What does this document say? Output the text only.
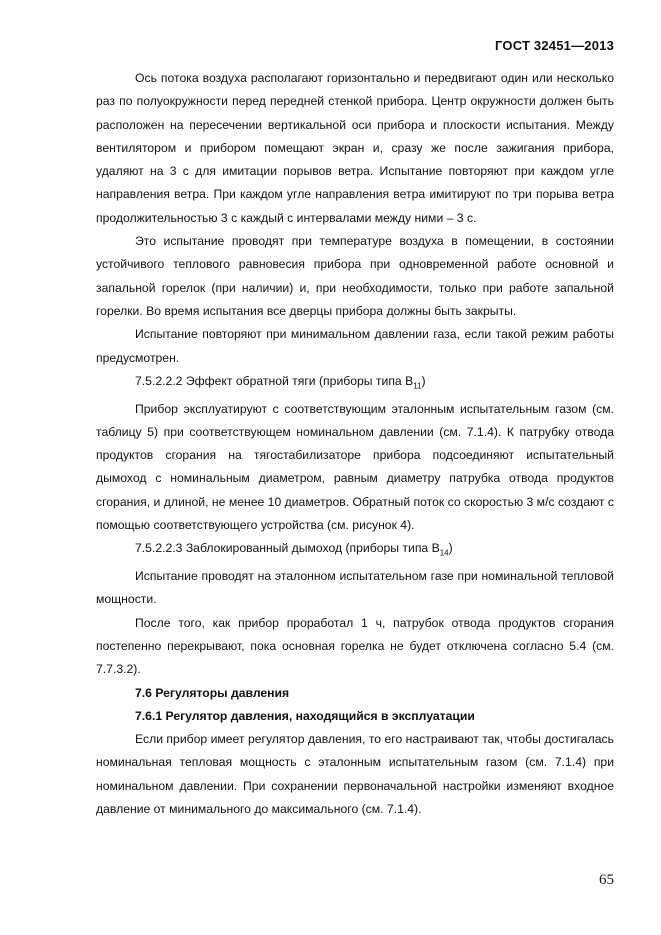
ГОСТ 32451—2013

Ось потока воздуха располагают горизонтально и передвигают один или несколько раз по полуокружности перед передней стенкой прибора. Центр окружности должен быть расположен на пересечении вертикальной оси прибора и плоскости испытания. Между вентилятором и прибором помещают экран и, сразу же после зажигания прибора, удаляют на 3 с для имитации порывов ветра. Испытание повторяют при каждом угле направления ветра. При каждом угле направления ветра имитируют по три порыва ветра продолжительностью 3 с каждый с интервалами между ними – 3 с.

Это испытание проводят при температуре воздуха в помещении, в состоянии устойчивого теплового равновесия прибора при одновременной работе основной и запальной горелок (при наличии) и, при необходимости, только при работе запальной горелки. Во время испытания все дверцы прибора должны быть закрыты.

Испытание повторяют при минимальном давлении газа, если такой режим работы предусмотрен.

7.5.2.2.2 Эффект обратной тяги (приборы типа $B_{11}$)

Прибор эксплуатируют с соответствующим эталонным испытательным газом (см. таблицу 5) при соответствующем номинальном давлении (см. 7.1.4). К патрубку отвода продуктов сгорания на тягостабилизаторе прибора подсоединяют испытательный дымоход с номинальным диаметром, равным диаметру патрубка отвода продуктов сгорания, и длиной, не менее 10 диаметров. Обратный поток со скоростью 3 м/с создают с помощью соответствующего устройства (см. рисунок 4).

7.5.2.2.3 Заблокированный дымоход (приборы типа $B_{14}$)

Испытание проводят на эталонном испытательном газе при номинальной тепловой мощности.

После того, как прибор проработал 1 ч, патрубок отвода продуктов сгорания постепенно перекрывают, пока основная горелка не будет отключена согласно 5.4 (см. 7.7.3.2).

7.6 Регуляторы давления

7.6.1 Регулятор давления, находящийся в эксплуатации

Если прибор имеет регулятор давления, то его настраивают так, чтобы достигалась номинальная тепловая мощность с эталонным испытательным газом (см. 7.1.4) при номинальном давлении. При сохранении первоначальной настройки изменяют входное давление от минимального до максимального (см. 7.1.4).

65
